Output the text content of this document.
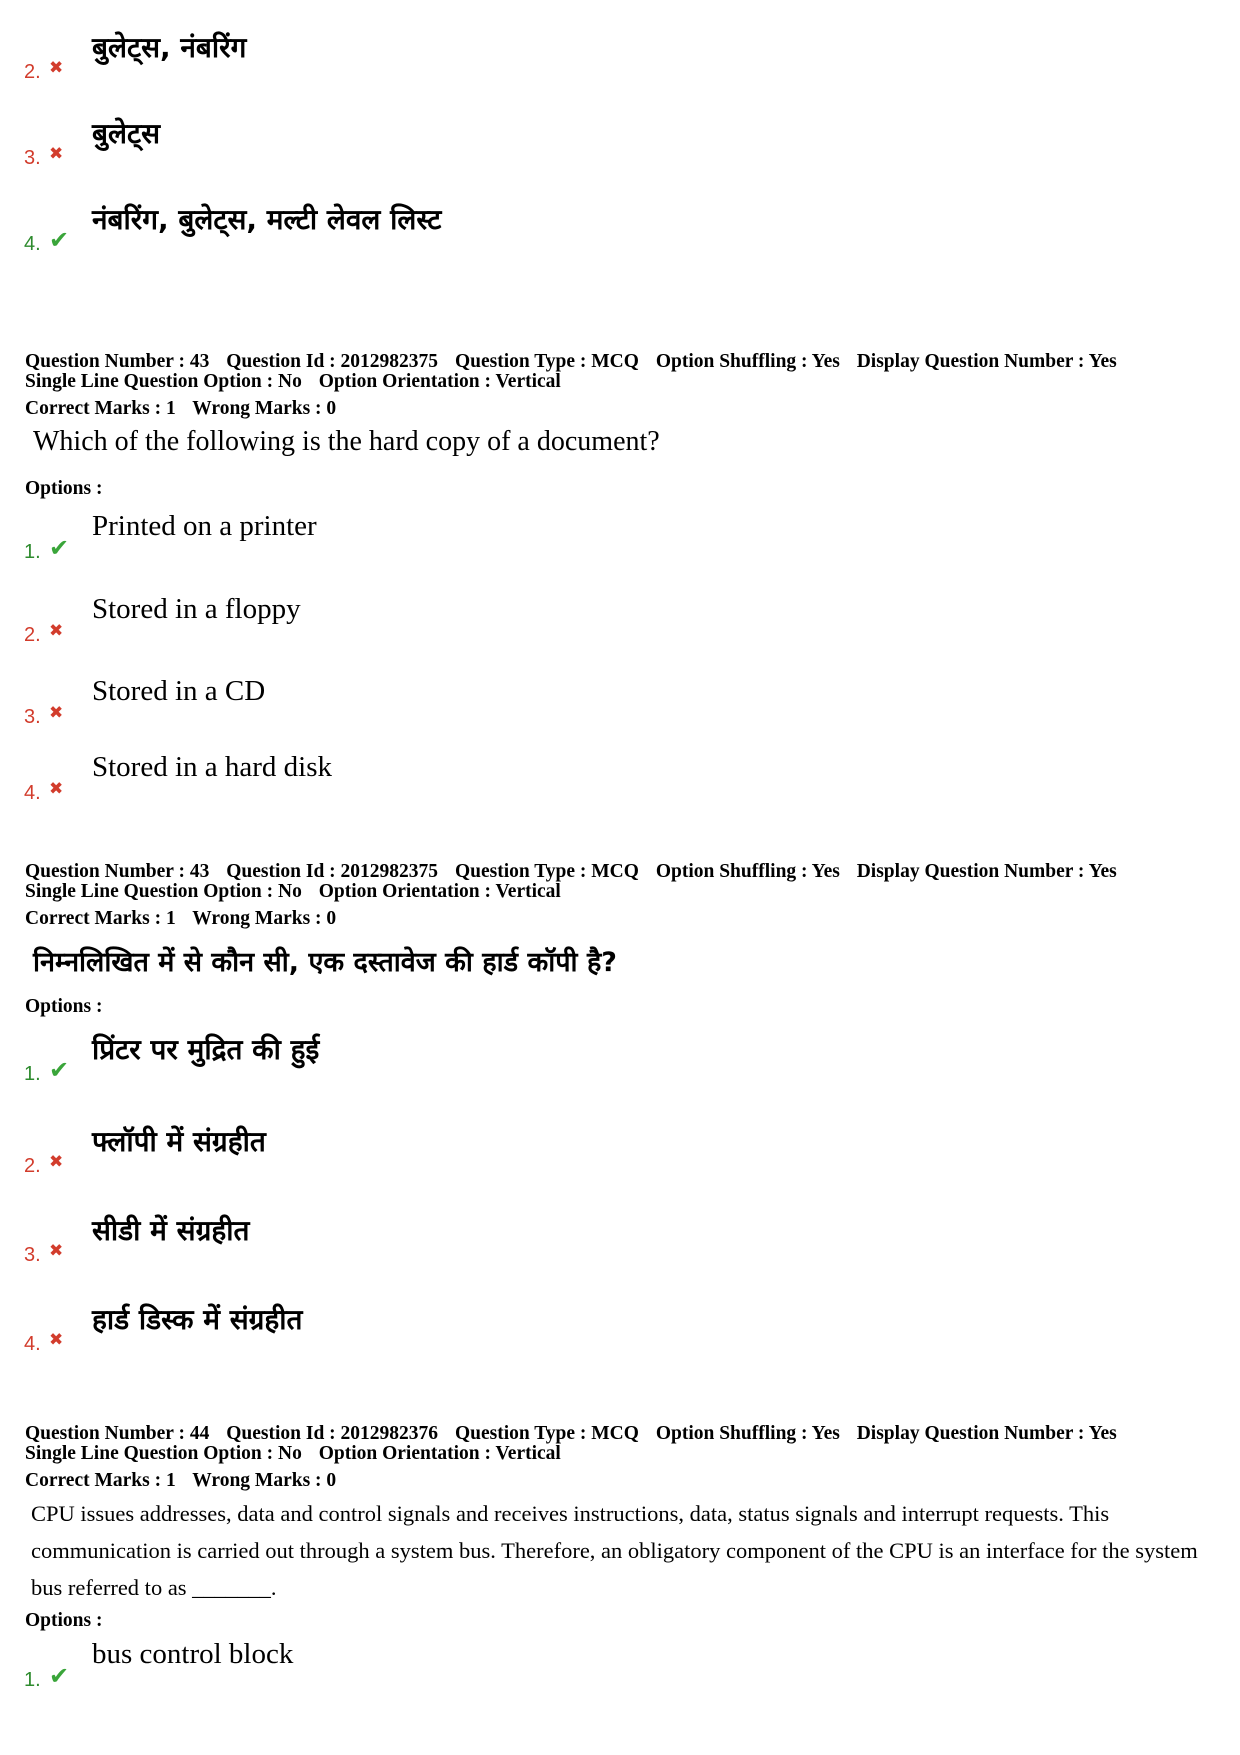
2. ✖
बुलेट्स, नंबरिंग
3. ✖
बुलेट्स
4. ✔
नंबरिंग, बुलेट्स, मल्टी लेवल लिस्ट
Question Number : 43 Question Id : 2012982375 Question Type : MCQ Option Shuffling : Yes Display Question Number : Yes
Single Line Question Option : No Option Orientation : Vertical
Correct Marks : 1 Wrong Marks : 0
Which of the following is the hard copy of a document?
Options :
1. ✔
Printed on a printer
2. ✖
Stored in a floppy
3. ✖
Stored in a CD
4. ✖
Stored in a hard disk
Question Number : 43 Question Id : 2012982375 Question Type : MCQ Option Shuffling : Yes Display Question Number : Yes
Single Line Question Option : No Option Orientation : Vertical
Correct Marks : 1 Wrong Marks : 0
निम्नलिखित में से कौन सी, एक दस्तावेज की हार्ड कॉपी है?
Options :
1. ✔
प्रिंटर पर मुद्रित की हुई
2. ✖
फ्लॉपी में संग्रहीत
3. ✖
सीडी में संग्रहीत
4. ✖
हार्ड डिस्क में संग्रहीत
Question Number : 44 Question Id : 2012982376 Question Type : MCQ Option Shuffling : Yes Display Question Number : Yes
Single Line Question Option : No Option Orientation : Vertical
Correct Marks : 1 Wrong Marks : 0
CPU issues addresses, data and control signals and receives instructions, data, status signals and interrupt requests. This communication is carried out through a system bus. Therefore, an obligatory component of the CPU is an interface for the system bus referred to as _______.
Options :
1. ✔
bus control block
